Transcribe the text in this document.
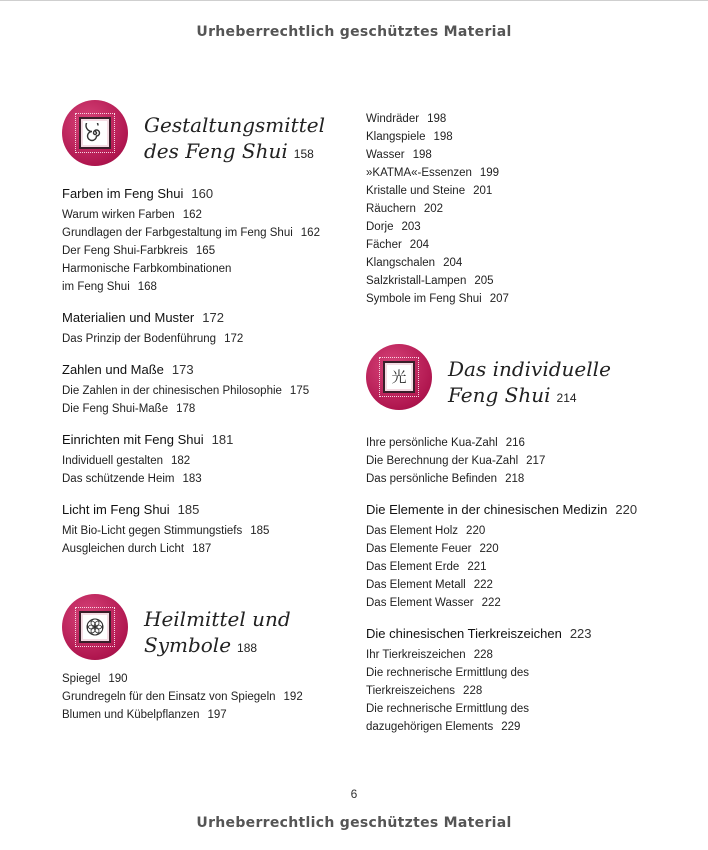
Urheberrechtlich geschütztes Material
Gestaltungsmittel
des Feng Shui 158
Farben im Feng Shui 160
Warum wirken Farben 162
Grundlagen der Farbgestaltung im Feng Shui 162
Der Feng Shui-Farbkreis 165
Harmonische Farbkombinationen
im Feng Shui 168
Materialien und Muster 172
Das Prinzip der Bodenführung 172
Zahlen und Maße 173
Die Zahlen in der chinesischen Philosophie 175
Die Feng Shui-Maße 178
Einrichten mit Feng Shui 181
Individuell gestalten 182
Das schützende Heim 183
Licht im Feng Shui 185
Mit Bio-Licht gegen Stimmungstiefs 185
Ausgleichen durch Licht 187
Heilmittel und
Symbole 188
Spiegel 190
Grundregeln für den Einsatz von Spiegeln 192
Blumen und Kübelpflanzen 197
Windräder 198
Klangspiele 198
Wasser 198
»KATMA«-Essenzen 199
Kristalle und Steine 201
Räuchern 202
Dorje 203
Fächer 204
Klangschalen 204
Salzkristall-Lampen 205
Symbole im Feng Shui 207
光 Das individuelle
Feng Shui 214
Ihre persönliche Kua-Zahl 216
Die Berechnung der Kua-Zahl 217
Das persönliche Befinden 218
Die Elemente in der chinesischen Medizin 220
Das Element Holz 220
Das Elemente Feuer 220
Das Element Erde 221
Das Element Metall 222
Das Element Wasser 222
Die chinesischen Tierkreiszeichen 223
Ihr Tierkreiszeichen 228
Die rechnerische Ermittlung des
Tierkreiszeichens 228
Die rechnerische Ermittlung des
dazugehörigen Elements 229
6
Urheberrechtlich geschütztes Material
